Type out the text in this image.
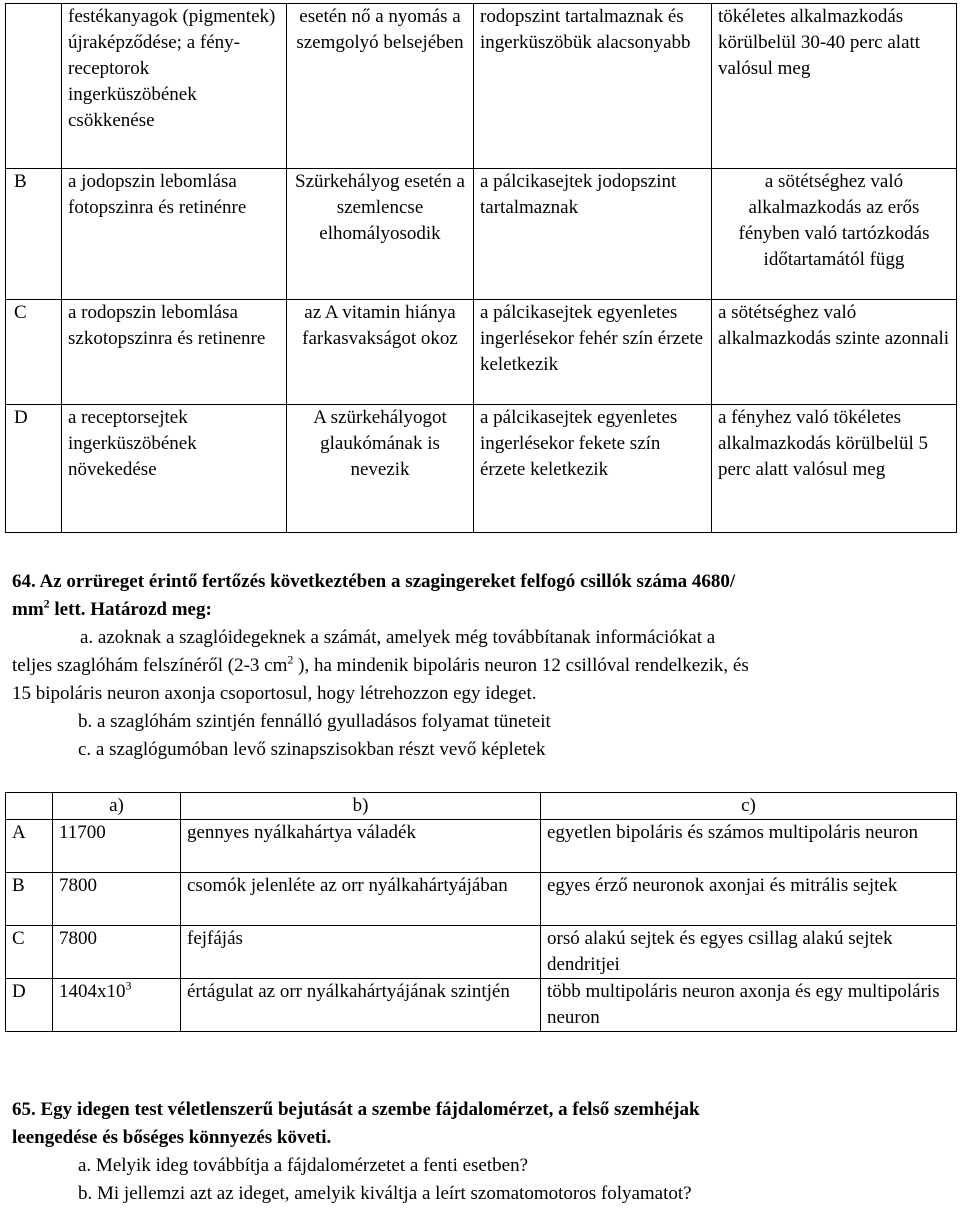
	festékanyagok (pigmentek) újraképződése; a fény-receptorok ingerküszöbének csökkenése	esetén nő a nyomás a szemgolyó belsejében	rodopszint tartalmaznak és ingerküszöbük alacsonyabb	tökéletes alkalmazkodás körülbelül 30-40 perc alatt valósul meg
B	a jodopszin lebomlása fotopszinra és retinénre	Szürkehályog esetén a szemlencse elhomályosodik	a pálcikasejtek jodopszint tartalmaznak	a sötétséghez való alkalmazkodás az erős fényben való tartózkodás időtartamától függ
C	a rodopszin lebomlása szkotopszinra és retinenre	az A vitamin hiánya farkasvakságot okoz	a pálcikasejtek egyenletes ingerlésekor fehér szín érzete keletkezik	a sötétséghez való alkalmazkodás szinte azonnali
D	a receptorsejtek ingerküszöbének növekedése	A szürkehályogot glaukómának is nevezik	a pálcikasejtek egyenletes ingerlésekor fekete szín érzete keletkezik	a fényhez való tökéletes alkalmazkodás körülbelül 5 perc alatt valósul meg
64. Az orrüreget érintő fertőzés következtében a szagingereket felfogó csillók száma 4680/
$mm^2$ lett. Határozd meg:
a. azoknak a szaglóidegeknek a számát, amelyek még továbbítanak információkat a
teljes szaglóhám felszínéről (2-3 $cm^2$ ), ha mindenik bipoláris neuron 12 csillóval rendelkezik, és
15 bipoláris neuron axonja csoportosul, hogy létrehozzon egy ideget.
b. a szaglóhám szintjén fennálló gyulladásos folyamat tüneteit
c. a szaglógumóban levő szinapszisokban részt vevő képletek
	a)	b)	c)
A	11700	gennyes nyálkahártya váladék	egyetlen bipoláris és számos multipoláris neuron
B	7800	csomók jelenléte az orr nyálkahártyájában	egyes érző neuronok axonjai és mitrális sejtek
C	7800	fejfájás	orsó alakú sejtek és egyes csillag alakú sejtek dendritjei
D	$1404x10^3$	értágulat az orr nyálkahártyájának szintjén	több multipoláris neuron axonja és egy multipoláris neuron
65. Egy idegen test véletlenszerű bejutását a szembe fájdalomérzet, a felső szemhéjak
leengedése és bőséges könnyezés követi.
a. Melyik ideg továbbítja a fájdalomérzetet a fenti esetben?
b. Mi jellemzi azt az ideget, amelyik kiváltja a leírt szomatomotoros folyamatot?
